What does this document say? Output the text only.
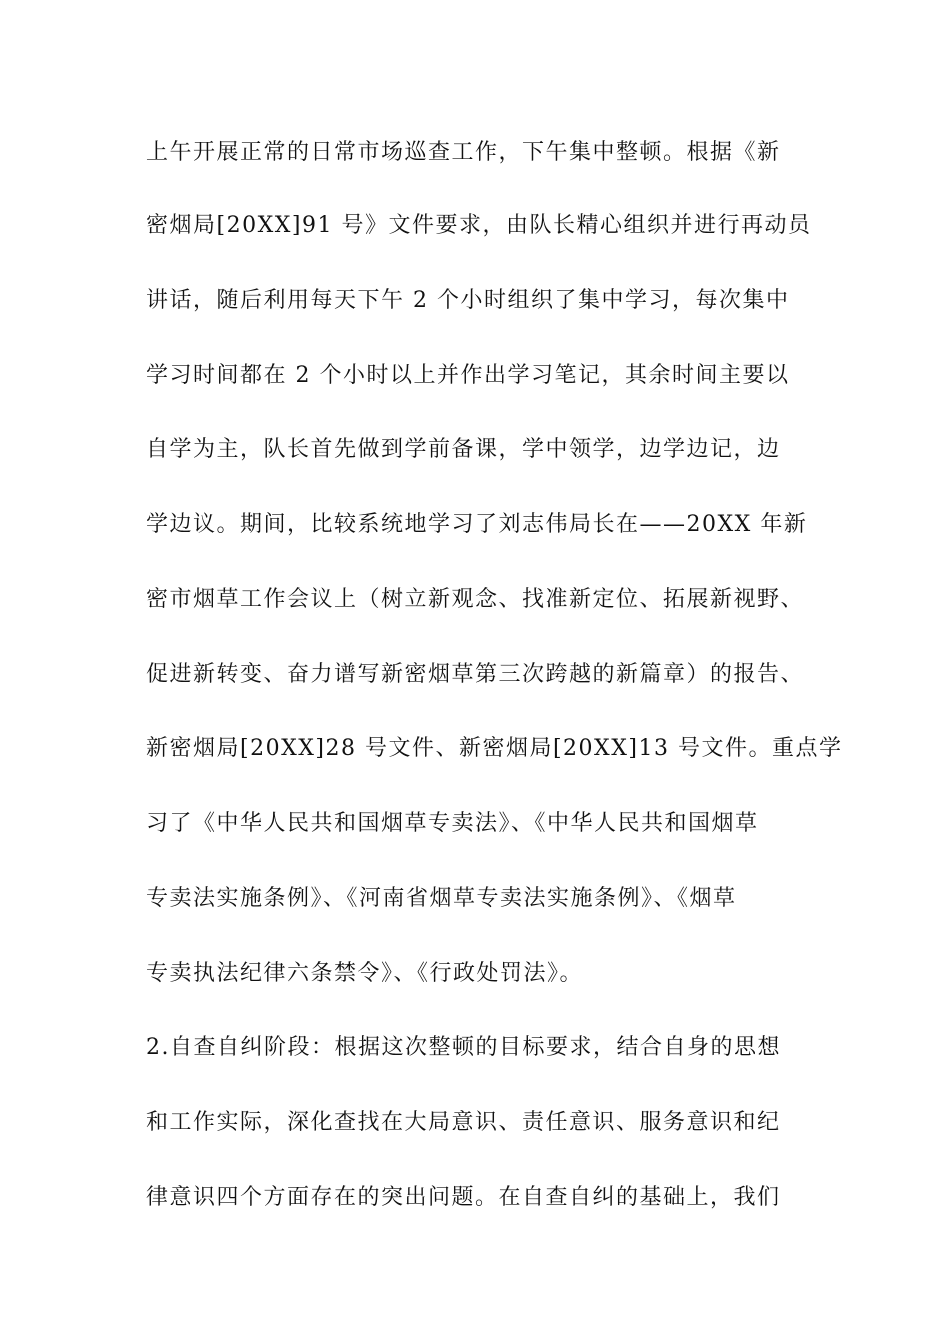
上午开展正常的日常市场巡查工作，下午集中整顿。根据《新
密烟局[20XX]91 号》文件要求，由队长精心组织并进行再动员
讲话，随后利用每天下午 2 个小时组织了集中学习，每次集中
学习时间都在 2 个小时以上并作出学习笔记，其余时间主要以
自学为主，队长首先做到学前备课，学中领学，边学边记，边
学边议。期间，比较系统地学习了刘志伟局长在——20XX 年新
密市烟草工作会议上（树立新观念、找准新定位、拓展新视野、
促进新转变、奋力谱写新密烟草第三次跨越的新篇章）的报告、
新密烟局[20XX]28 号文件、新密烟局[20XX]13 号文件。重点学
习了《中华人民共和国烟草专卖法》、《中华人民共和国烟草
专卖法实施条例》、《河南省烟草专卖法实施条例》、《烟草
专卖执法纪律六条禁令》、《行政处罚法》。
2.自查自纠阶段：根据这次整顿的目标要求，结合自身的思想
和工作实际，深化查找在大局意识、责任意识、服务意识和纪
律意识四个方面存在的突出问题。在自查自纠的基础上，我们
